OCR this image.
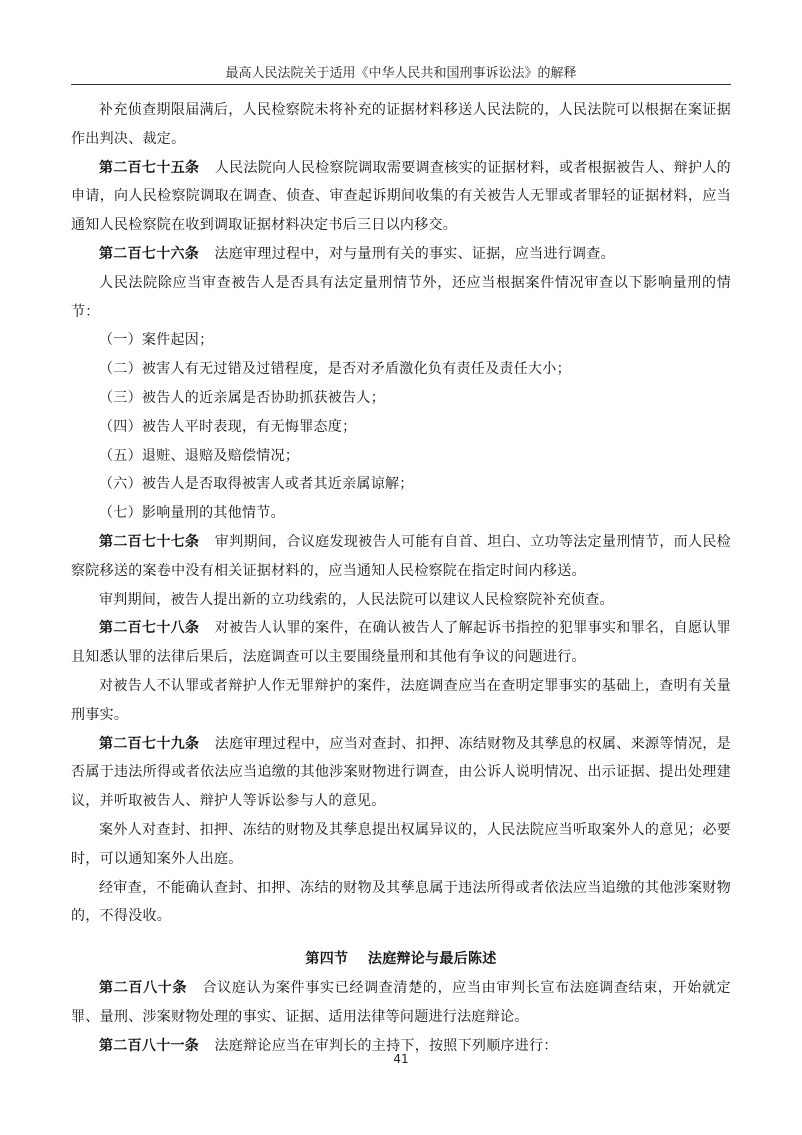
最高人民法院关于适用《中华人民共和国刑事诉讼法》的解释

补充侦查期限届满后，人民检察院未将补充的证据材料移送人民法院的，人民法院可以根据在案证据作出判决、裁定。

第二百七十五条 人民法院向人民检察院调取需要调查核实的证据材料，或者根据被告人、辩护人的申请，向人民检察院调取在调查、侦查、审查起诉期间收集的有关被告人无罪或者罪轻的证据材料，应当通知人民检察院在收到调取证据材料决定书后三日以内移交。

第二百七十六条 法庭审理过程中，对与量刑有关的事实、证据，应当进行调查。

人民法院除应当审查被告人是否具有法定量刑情节外，还应当根据案件情况审查以下影响量刑的情节：

（一）案件起因；

（二）被害人有无过错及过错程度，是否对矛盾激化负有责任及责任大小；

（三）被告人的近亲属是否协助抓获被告人；

（四）被告人平时表现，有无悔罪态度；

（五）退赃、退赔及赔偿情况；

（六）被告人是否取得被害人或者其近亲属谅解；

（七）影响量刑的其他情节。

第二百七十七条 审判期间，合议庭发现被告人可能有自首、坦白、立功等法定量刑情节，而人民检察院移送的案卷中没有相关证据材料的，应当通知人民检察院在指定时间内移送。

审判期间，被告人提出新的立功线索的，人民法院可以建议人民检察院补充侦查。

第二百七十八条 对被告人认罪的案件，在确认被告人了解起诉书指控的犯罪事实和罪名，自愿认罪且知悉认罪的法律后果后，法庭调查可以主要围绕量刑和其他有争议的问题进行。

对被告人不认罪或者辩护人作无罪辩护的案件，法庭调查应当在查明定罪事实的基础上，查明有关量刑事实。

第二百七十九条 法庭审理过程中，应当对查封、扣押、冻结财物及其孳息的权属、来源等情况，是否属于违法所得或者依法应当追缴的其他涉案财物进行调查，由公诉人说明情况、出示证据、提出处理建议，并听取被告人、辩护人等诉讼参与人的意见。

案外人对查封、扣押、冻结的财物及其孳息提出权属异议的，人民法院应当听取案外人的意见；必要时，可以通知案外人出庭。

经审查，不能确认查封、扣押、冻结的财物及其孳息属于违法所得或者依法应当追缴的其他涉案财物的，不得没收。

第四节 法庭辩论与最后陈述

第二百八十条 合议庭认为案件事实已经调查清楚的，应当由审判长宣布法庭调查结束，开始就定罪、量刑、涉案财物处理的事实、证据、适用法律等问题进行法庭辩论。

第二百八十一条 法庭辩论应当在审判长的主持下，按照下列顺序进行：

41
